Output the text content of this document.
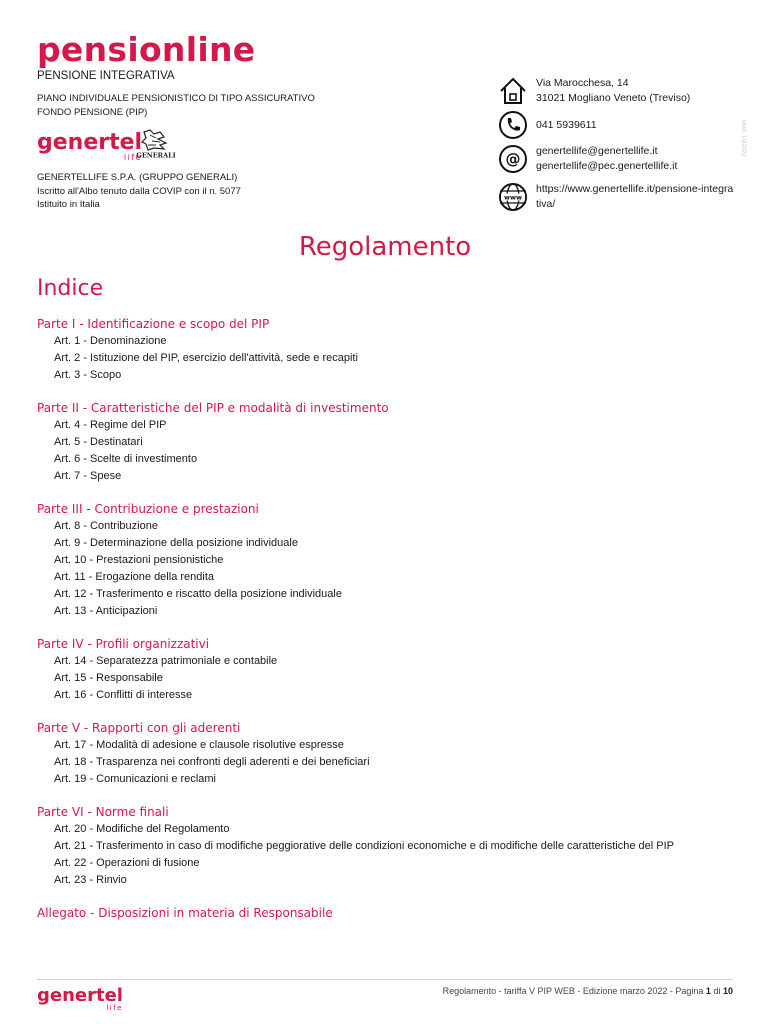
pensionline
PENSIONE INTEGRATIVA
PIANO INDIVIDUALE PENSIONISTICO DI TIPO ASSICURATIVO
FONDO PENSIONE (PIP)
genertel
life
GENERALI
GENERTELLIFE S.P.A. (GRUPPO GENERALI)
Iscritto all'Albo tenuto dalla COVIP con il n. 5077
Istituito in Italia
Via Marocchesa, 14
31021 Mogliano Veneto (Treviso)
041 5939611
@ genertellife@genertellife.it
genertellife@pec.genertellife.it
www
https://www.genertellife.it/pensione-integrativa/
Mod. 10/2022
Regolamento
Indice
Parte I - Identificazione e scopo del PIP
Art. 1 - Denominazione
Art. 2 - Istituzione del PIP, esercizio dell'attività, sede e recapiti
Art. 3 - Scopo
Parte II - Caratteristiche del PIP e modalità di investimento
Art. 4 - Regime del PIP
Art. 5 - Destinatari
Art. 6 - Scelte di investimento
Art. 7 - Spese
Parte III - Contribuzione e prestazioni
Art. 8 - Contribuzione
Art. 9 - Determinazione della posizione individuale
Art. 10 - Prestazioni pensionistiche
Art. 11 - Erogazione della rendita
Art. 12 - Trasferimento e riscatto della posizione individuale
Art. 13 - Anticipazioni
Parte IV - Profili organizzativi
Art. 14 - Separatezza patrimoniale e contabile
Art. 15 - Responsabile
Art. 16 - Conflitti di interesse
Parte V - Rapporti con gli aderenti
Art. 17 - Modalità di adesione e clausole risolutive espresse
Art. 18 - Trasparenza nei confronti degli aderenti e dei beneficiari
Art. 19 - Comunicazioni e reclami
Parte VI - Norme finali
Art. 20 - Modifiche del Regolamento
Art. 21 - Trasferimento in caso di modifiche peggiorative delle condizioni economiche e di modifiche delle caratteristiche del PIP
Art. 22 - Operazioni di fusione
Art. 23 - Rinvio
Allegato - Disposizioni in materia di Responsabile
genertel
life
Regolamento - tariffa V PIP WEB - Edizione marzo 2022 - Pagina 1 di 10
